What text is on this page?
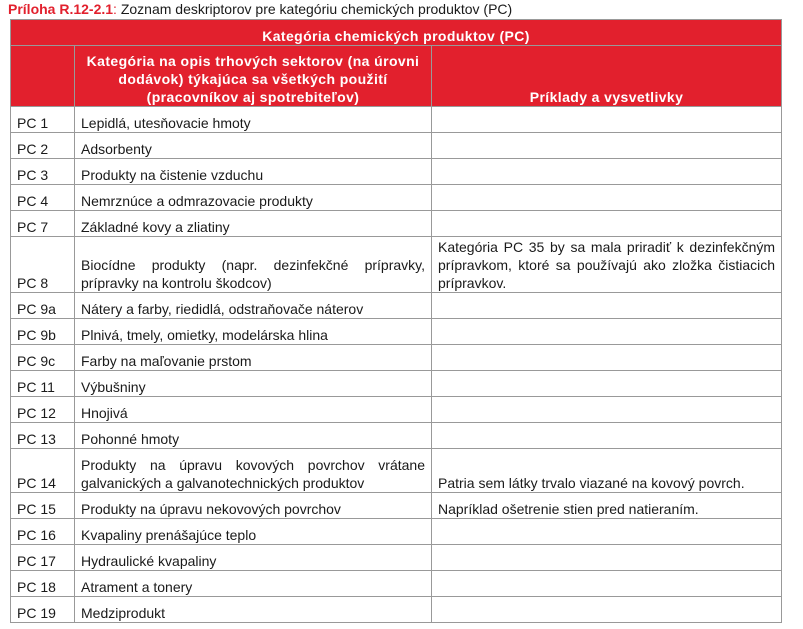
Príloha R.12-2.1: Zoznam deskriptorov pre kategóriu chemických produktov (PC)
Kategória chemických produktov (PC)		
	Kategória na opis trhových sektorov (na úrovni dodávok) týkajúca sa všetkých použití (pracovníkov aj spotrebiteľov)	Príklady a vysvetlivky
PC 1	Lepidlá, utesňovacie hmoty	
PC 2	Adsorbenty	
PC 3	Produkty na čistenie vzduchu	
PC 4	Nemrznúce a odmrazovacie produkty	
PC 7	Základné kovy a zliatiny	
PC 8	Biocídne produkty (napr. dezinfekčné prípravky, prípravky na kontrolu škodcov)	Kategória PC 35 by sa mala priradiť k dezinfekčným prípravkom, ktoré sa používajú ako zložka čistiacich prípravkov.
PC 9a	Nátery a farby, riedidlá, odstraňovače náterov	
PC 9b	Plnivá, tmely, omietky, modelárska hlina	
PC 9c	Farby na maľovanie prstom	
PC 11	Výbušniny	
PC 12	Hnojivá	
PC 13	Pohonné hmoty	
PC 14	Produkty na úpravu kovových povrchov vrátane galvanických a galvanotechnických produktov	Patria sem látky trvalo viazané na kovový povrch.
PC 15	Produkty na úpravu nekovových povrchov	Napríklad ošetrenie stien pred natieraním.
PC 16	Kvapaliny prenášajúce teplo	
PC 17	Hydraulické kvapaliny	
PC 18	Atrament a tonery	
PC 19	Medziprodukt	
